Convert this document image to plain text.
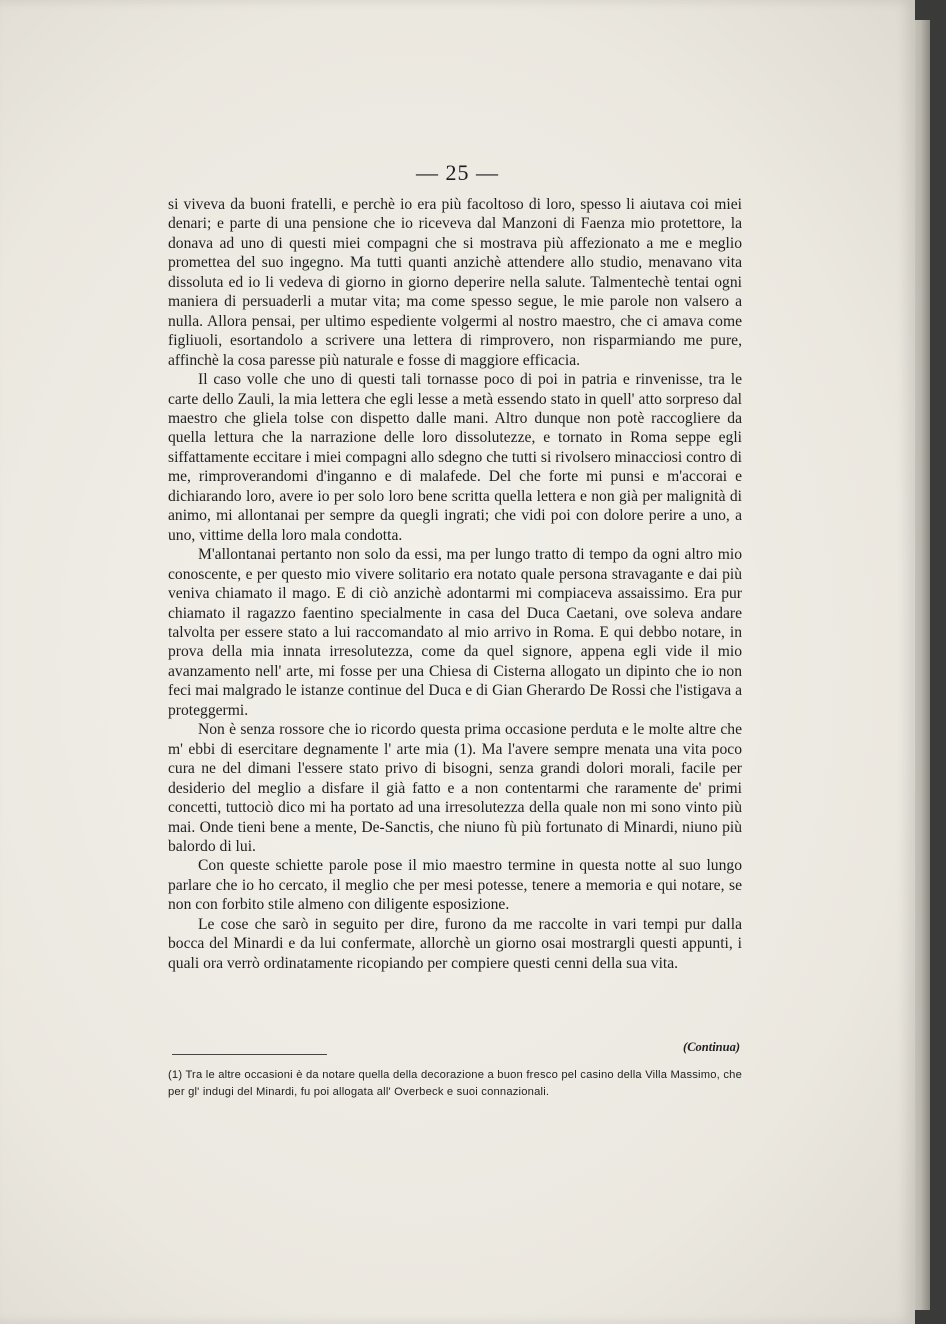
— 25 —

si viveva da buoni fratelli, e perchè io era più facoltoso di loro, spesso li aiutava coi miei denari; e parte di una pensione che io riceveva dal Manzoni di Faenza mio protettore, la donava ad uno di questi miei compagni che si mostrava più affezionato a me e meglio promettea del suo ingegno. Ma tutti quanti anzichè attendere allo studio, menavano vita dissoluta ed io li vedeva di giorno in giorno deperire nella salute. Talmentechè tentai ogni maniera di persuaderli a mutar vita; ma come spesso segue, le mie parole non valsero a nulla. Allora pensai, per ultimo espediente volgermi al nostro maestro, che ci amava come figliuoli, esortandolo a scrivere una lettera di rimprovero, non risparmiando me pure, affinchè la cosa paresse più naturale e fosse di maggiore efficacia.

Il caso volle che uno di questi tali tornasse poco di poi in patria e rinvenisse, tra le carte dello Zauli, la mia lettera che egli lesse a metà essendo stato in quell' atto sorpreso dal maestro che gliela tolse con dispetto dalle mani. Altro dunque non potè raccogliere da quella lettura che la narrazione delle loro dissolutezze, e tornato in Roma seppe egli siffattamente eccitare i miei compagni allo sdegno che tutti si rivolsero minacciosi contro di me, rimproverandomi d'inganno e di malafede. Del che forte mi punsi e m'accorai e dichiarando loro, avere io per solo loro bene scritta quella lettera e non già per malignità di animo, mi allontanai per sempre da quegli ingrati; che vidi poi con dolore perire a uno, a uno, vittime della loro mala condotta.

M'allontanai pertanto non solo da essi, ma per lungo tratto di tempo da ogni altro mio conoscente, e per questo mio vivere solitario era notato quale persona stravagante e dai più veniva chiamato il mago. E di ciò anzichè adontarmi mi compiaceva assaissimo. Era pur chiamato il ragazzo faentino specialmente in casa del Duca Caetani, ove soleva andare talvolta per essere stato a lui raccomandato al mio arrivo in Roma. E qui debbo notare, in prova della mia innata irresolutezza, come da quel signore, appena egli vide il mio avanzamento nell' arte, mi fosse per una Chiesa di Cisterna allogato un dipinto che io non feci mai malgrado le istanze continue del Duca e di Gian Gherardo De Rossi che l'istigava a proteggermi.

Non è senza rossore che io ricordo questa prima occasione perduta e le molte altre che m' ebbi di esercitare degnamente l' arte mia (1). Ma l'avere sempre menata una vita poco cura ne del dimani l'essere stato privo di bisogni, senza grandi dolori morali, facile per desiderio del meglio a disfare il già fatto e a non contentarmi che raramente de' primi concetti, tuttociò dico mi ha portato ad una irresolutezza della quale non mi sono vinto più mai. Onde tieni bene a mente, De-Sanctis, che niuno fù più fortunato di Minardi, niuno più balordo di lui.

Con queste schiette parole pose il mio maestro termine in questa notte al suo lungo parlare che io ho cercato, il meglio che per mesi potesse, tenere a memoria e qui notare, se non con forbito stile almeno con diligente esposizione.

Le cose che sarò in seguito per dire, furono da me raccolte in vari tempi pur dalla bocca del Minardi e da lui confermate, allorchè un giorno osai mostrargli questi appunti, i quali ora verrò ordinatamente ricopiando per compiere questi cenni della sua vita.

(Continua)
(1) Tra le altre occasioni è da notare quella della decorazione a buon fresco pel casino della Villa Massimo, che per gl' indugi del Minardi, fu poi allogata all' Overbeck e suoi connazionali.
